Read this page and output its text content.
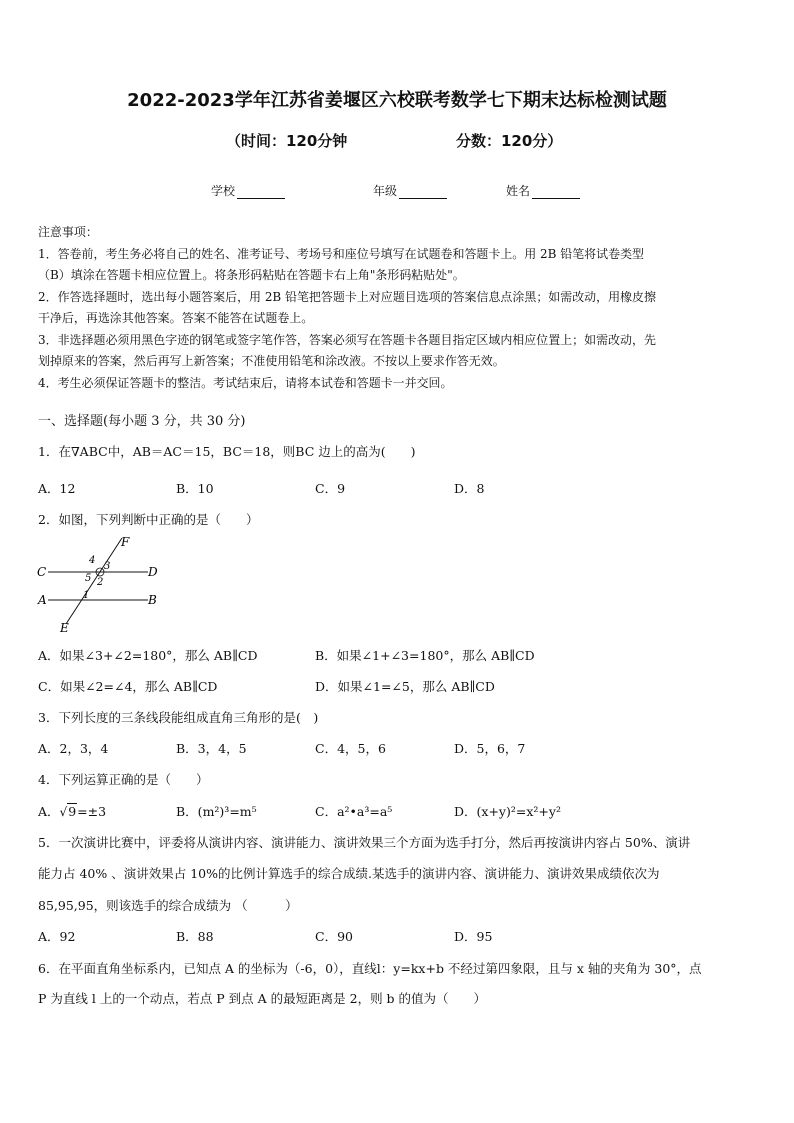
2022-2023学年江苏省姜堰区六校联考数学七下期末达标检测试题
（时间：120分钟	分数：120分）
学校	年级	姓名
注意事项：
1．答卷前，考生务必将自己的姓名、准考证号、考场号和座位号填写在试题卷和答题卡上。用 2B 铅笔将试卷类型
（B）填涂在答题卡相应位置上。将条形码粘贴在答题卡右上角"条形码粘贴处"。
2．作答选择题时，选出每小题答案后，用 2B 铅笔把答题卡上对应题目选项的答案信息点涂黑；如需改动，用橡皮擦
干净后，再选涂其他答案。答案不能答在试题卷上。
3．非选择题必须用黑色字迹的钢笔或签字笔作答，答案必须写在答题卡各题目指定区域内相应位置上；如需改动，先
划掉原来的答案，然后再写上新答案；不准使用铅笔和涂改液。不按以上要求作答无效。
4．考生必须保证答题卡的整洁。考试结束后，请将本试卷和答题卡一并交回。
一、选择题(每小题 3 分，共 30 分)
1．在∇ABC中，AB＝AC＝15，BC＝18，则BC 边上的高为(　　)
A．12	B．10	C．9	D．8
2．如图，下列判断中正确的是（　　）
C	D
A	B
E
F
1
2
3
4
5
A．如果∠3+∠2=180°，那么 AB∥CD	B．如果∠1+∠3=180°，那么 AB∥CD
C．如果∠2=∠4，那么 AB∥CD	D．如果∠1=∠5，那么 AB∥CD
3．下列长度的三条线段能组成直角三角形的是(　)
A．2，3，4	B．3，4，5	C．4，5，6	D．5，6，7
4．下列运算正确的是（　　）
A．√9=±3	B．(m²)³=m⁵	C．a²•a³=a⁵	D．(x+y)²=x²+y²
5．一次演讲比赛中，评委将从演讲内容、演讲能力、演讲效果三个方面为选手打分，然后再按演讲内容占 50%、演讲
能力占 40% 、演讲效果占 10%的比例计算选手的综合成绩.某选手的演讲内容、演讲能力、演讲效果成绩依次为
85,95,95，则该选手的综合成绩为 （　　　）
A．92	B．88	C．90	D．95
6．在平面直角坐标系内，已知点 A 的坐标为（-6，0），直线l：y=kx+b 不经过第四象限，且与 x 轴的夹角为 30°，点
P 为直线 l 上的一个动点，若点 P 到点 A 的最短距离是 2，则 b 的值为（　　）
